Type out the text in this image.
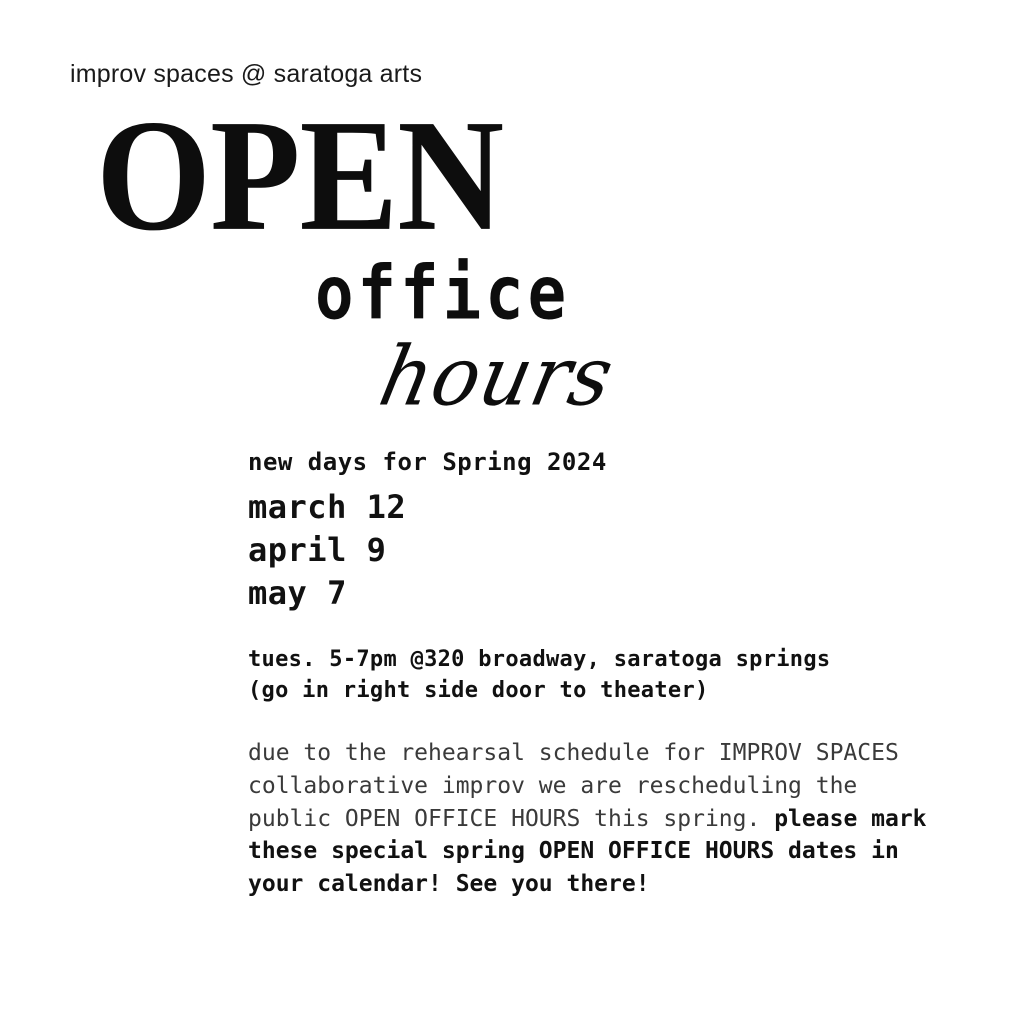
improv spaces @ saratoga arts
OPEN
office
hours

new days for Spring 2024

march 12
april 9
may 7
tues. 5-7pm @320 broadway, saratoga springs
(go in right side door to theater)
due to the rehearsal schedule for IMPROV SPACES collaborative improv we are rescheduling the public OPEN OFFICE HOURS this spring. please mark these special spring OPEN OFFICE HOURS dates in your calendar! See you there!
